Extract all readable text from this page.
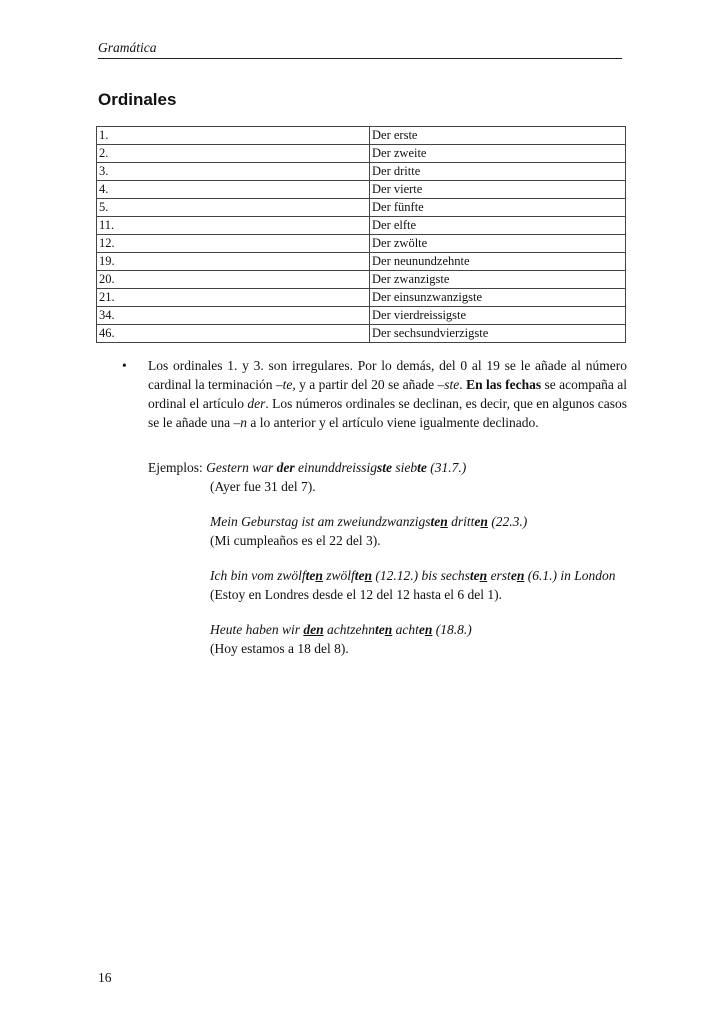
Gramática
Ordinales
1.	Der erste
2.	Der zweite
3.	Der dritte
4.	Der vierte
5.	Der fünfte
11.	Der elfte
12.	Der zwölte
19.	Der neunundzehnte
20.	Der zwanzigste
21.	Der einsunzwanzigste
34.	Der vierdreissigste
46.	Der sechsundvierzigste
• Los ordinales 1. y 3. son irregulares. Por lo demás, del 0 al 19 se le añade al número cardinal la terminación –te, y a partir del 20 se añade –ste. En las fechas se acompaña al ordinal el artículo der. Los números ordinales se declinan, es decir, que en algunos casos se le añade una –n a lo anterior y el artículo viene igualmente declinado.
Ejemplos: Gestern war der einunddreissigste siebte (31.7.)
(Ayer fue 31 del 7).
Mein Geburstag ist am zweiundzwanzigsten dritten (22.3.)
(Mi cumpleaños es el 22 del 3).
Ich bin vom zwölften zwölften (12.12.) bis sechsten ersten (6.1.) in London
(Estoy en Londres desde el 12 del 12 hasta el 6 del 1).
Heute haben wir den achtzehnten achten (18.8.)
(Hoy estamos a 18 del 8).
16
